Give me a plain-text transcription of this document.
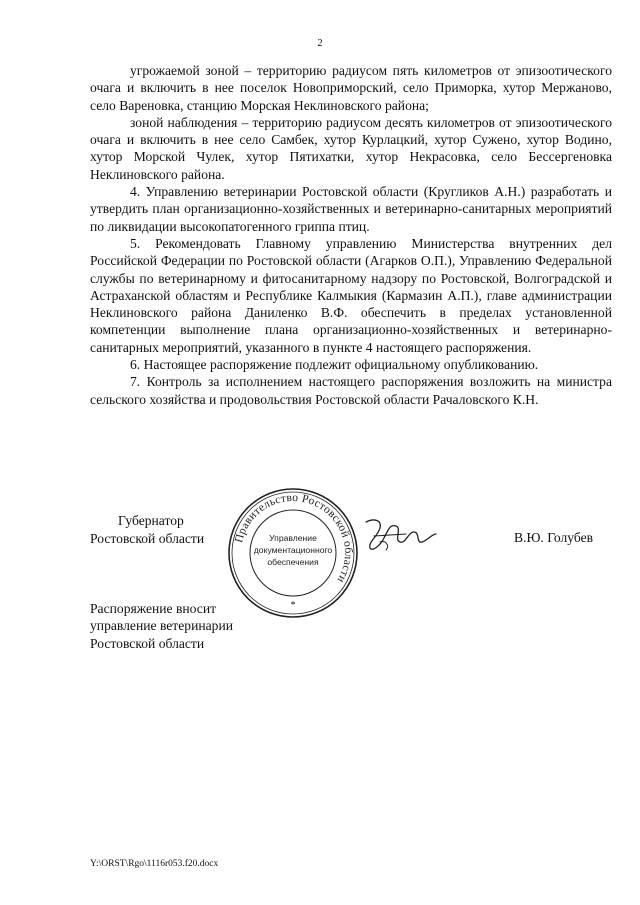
2

угрожаемой зоной – территорию радиусом пять километров от эпизоотического очага и включить в нее поселок Новоприморский, село Приморка, хутор Мержаново, село Вареновка, станцию Морская Неклиновского района;

зоной наблюдения – территорию радиусом десять километров от эпизоотического очага и включить в нее село Самбек, хутор Курлацкий, хутор Сужено, хутор Водино, хутор Морской Чулек, хутор Пятихатки, хутор Некрасовка, село Бессергеновка Неклиновского района.

4. Управлению ветеринарии Ростовской области (Кругликов А.Н.) разработать и утвердить план организационно-хозяйственных и ветеринарно-санитарных мероприятий по ликвидации высокопатогенного гриппа птиц.

5. Рекомендовать Главному управлению Министерства внутренних дел Российской Федерации по Ростовской области (Агарков О.П.), Управлению Федеральной службы по ветеринарному и фитосанитарному надзору по Ростовской, Волгоградской и Астраханской областям и Республике Калмыкия (Кармазин А.П.), главе администрации Неклиновского района Даниленко В.Ф. обеспечить в пределах установленной компетенции выполнение плана организационно-хозяйственных и ветеринарно-санитарных мероприятий, указанного в пункте 4 настоящего распоряжения.

6. Настоящее распоряжение подлежит официальному опубликованию.

7. Контроль за исполнением настоящего распоряжения возложить на министра сельского хозяйства и продовольствия Ростовской области Рачаловского К.Н.

Губернатор
Ростовской области	Правительство Ростовской области
Управление
документационного
обеспечения
*
В.Ю. Голубев
Распоряжение вносит
управление ветеринарии
Ростовской области
Y:\ORST\Rgo\1116r053.f20.docx
